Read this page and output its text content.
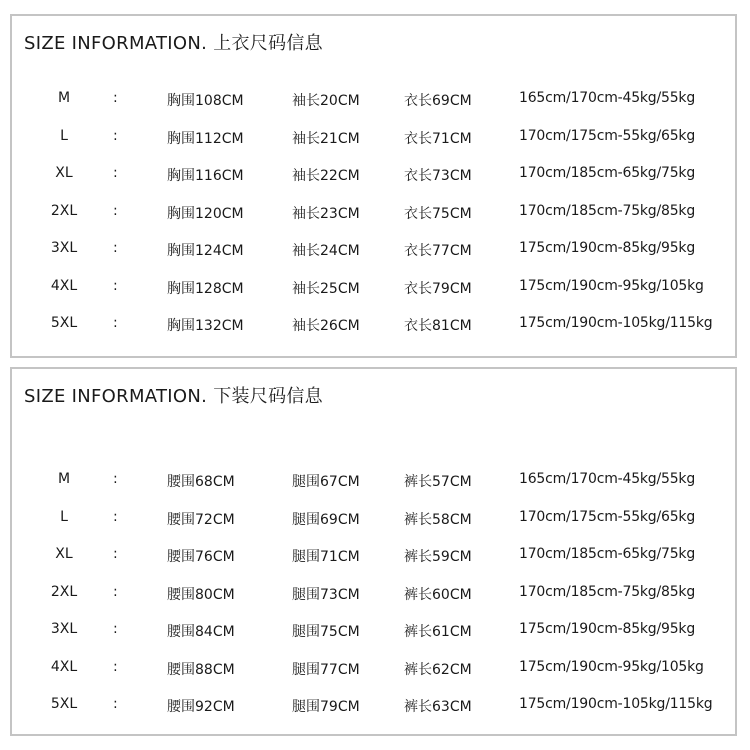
SIZE INFORMATION. 上衣尺码信息
M	:	胸围108CM	袖长20CM	衣长69CM	165cm/170cm-45kg/55kg
L	:	胸围112CM	袖长21CM	衣长71CM	170cm/175cm-55kg/65kg
XL	:	胸围116CM	袖长22CM	衣长73CM	170cm/185cm-65kg/75kg
2XL	:	胸围120CM	袖长23CM	衣长75CM	170cm/185cm-75kg/85kg
3XL	:	胸围124CM	袖长24CM	衣长77CM	175cm/190cm-85kg/95kg
4XL	:	胸围128CM	袖长25CM	衣长79CM	175cm/190cm-95kg/105kg
5XL	:	胸围132CM	袖长26CM	衣长81CM	175cm/190cm-105kg/115kg
SIZE INFORMATION. 下装尺码信息
M	:	腰围68CM	腿围67CM	裤长57CM	165cm/170cm-45kg/55kg
L	:	腰围72CM	腿围69CM	裤长58CM	170cm/175cm-55kg/65kg
XL	:	腰围76CM	腿围71CM	裤长59CM	170cm/185cm-65kg/75kg
2XL	:	腰围80CM	腿围73CM	裤长60CM	170cm/185cm-75kg/85kg
3XL	:	腰围84CM	腿围75CM	裤长61CM	175cm/190cm-85kg/95kg
4XL	:	腰围88CM	腿围77CM	裤长62CM	175cm/190cm-95kg/105kg
5XL	:	腰围92CM	腿围79CM	裤长63CM	175cm/190cm-105kg/115kg
